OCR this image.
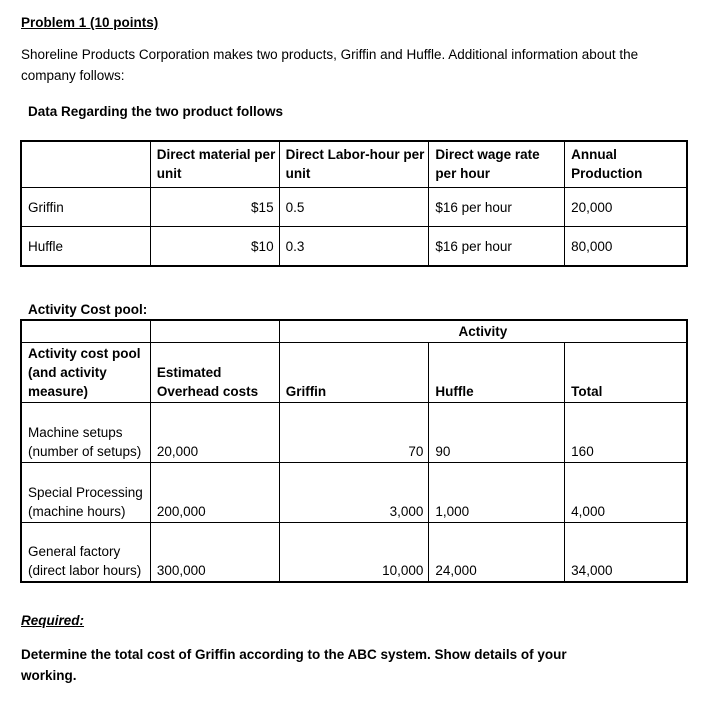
Problem 1 (10 points)
Shoreline Products Corporation makes two products, Griffin and Huffle. Additional information about the company follows:
Data Regarding the two product follows
	Direct material per unit	Direct Labor-hour per unit	Direct wage rate per hour	Annual Production
Griffin	$15	0.5	$16 per hour	20,000
Huffle	$10	0.3	$16 per hour	80,000
Activity Cost pool:
		Activity		
Activity cost pool (and activity measure)	Estimated Overhead costs	Griffin	Huffle	Total
Machine setups (number of setups)	20,000	70	90	160
Special Processing (machine hours)	200,000	3,000	1,000	4,000
General factory (direct labor hours)	300,000	10,000	24,000	34,000
Required:
Determine the total cost of Griffin according to the ABC system. Show details of your working.
